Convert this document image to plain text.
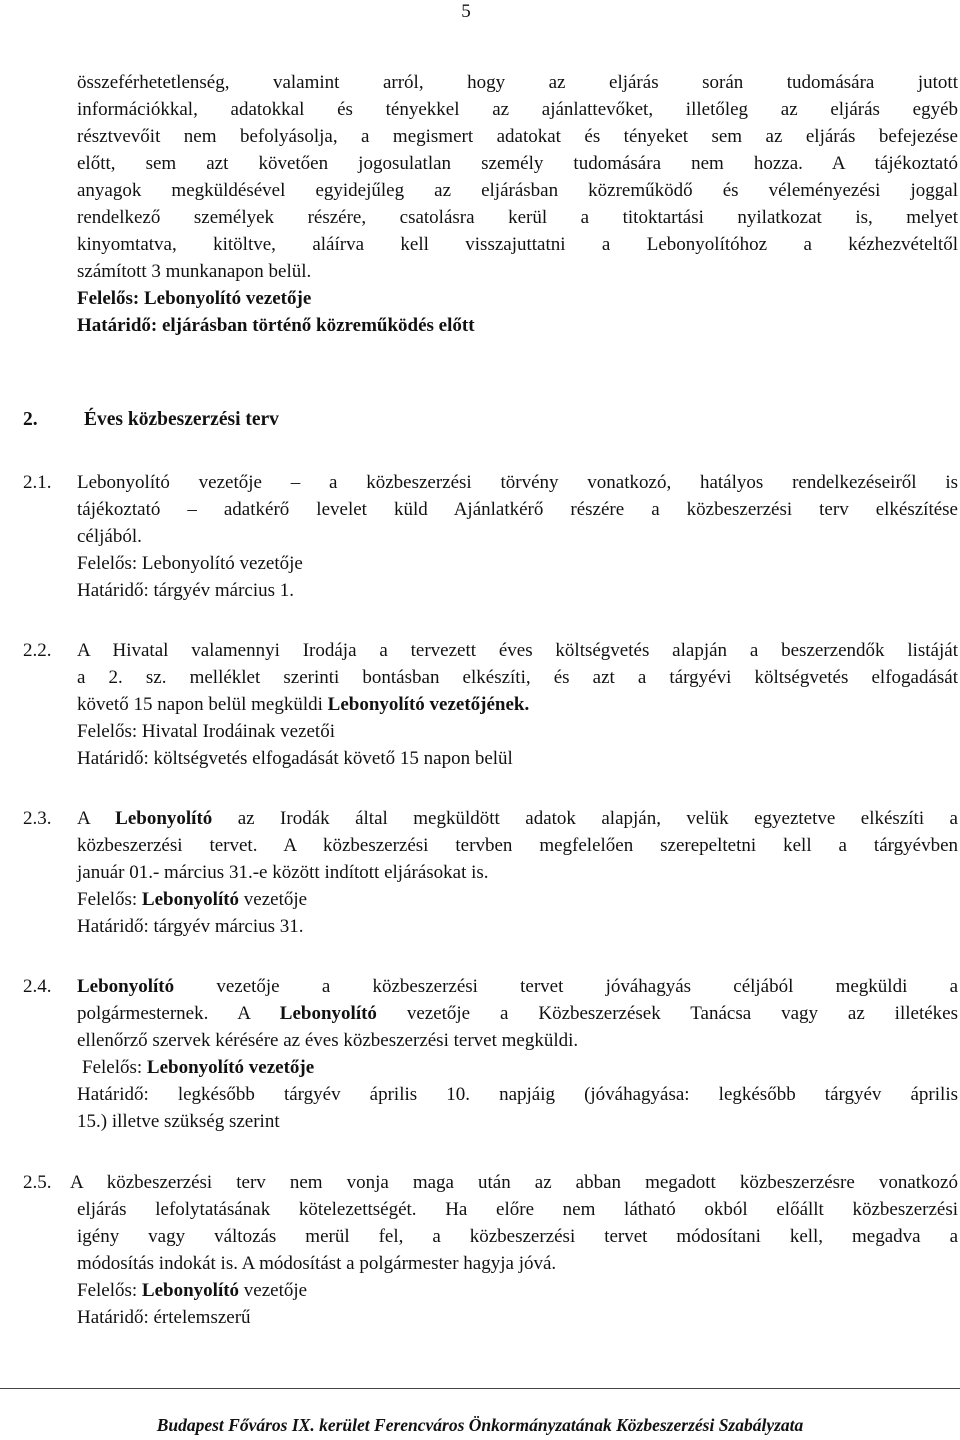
5

összeférhetetlenség, valamint arról, hogy az eljárás során tudomására jutott
információkkal, adatokkal és tényekkel az ajánlattevőket, illetőleg az eljárás egyéb
résztvevőit nem befolyásolja, a megismert adatokat és tényeket sem az eljárás befejezése
előtt, sem azt követően jogosulatlan személy tudomására nem hozza. A tájékoztató
anyagok megküldésével egyidejűleg az eljárásban közreműködő és véleményezési joggal
rendelkező személyek részére, csatolásra kerül a titoktartási nyilatkozat is, melyet
kinyomtatva, kitöltve, aláírva kell visszajuttatni a Lebonyolítóhoz a kézhezvételtől
számított 3 munkanapon belül.

Felelős: Lebonyolító vezetője
Határidő: eljárásban történő közreműködés előtt
2. Éves közbeszerzési terv
2.1. Lebonyolító vezetője – a közbeszerzési törvény vonatkozó, hatályos rendelkezéseiről is
tájékoztató – adatkérő levelet küld Ajánlatkérő részére a közbeszerzési terv elkészítése
céljából.
Felelős: Lebonyolító vezetője
Határidő: tárgyév március 1.
2.2. A Hivatal valamennyi Irodája a tervezett éves költségvetés alapján a beszerzendők listáját
a 2. sz. melléklet szerinti bontásban elkészíti, és azt a tárgyévi költségvetés elfogadását
követő 15 napon belül megküldi Lebonyolító vezetőjének.
Felelős: Hivatal Irodáinak vezetői
Határidő: költségvetés elfogadását követő 15 napon belül
2.3. A Lebonyolító az Irodák által megküldött adatok alapján, velük egyeztetve elkészíti a
közbeszerzési tervet. A közbeszerzési tervben megfelelően szerepeltetni kell a tárgyévben
január 01.- március 31.-e között indított eljárásokat is.
Felelős: Lebonyolító vezetője
Határidő: tárgyév március 31.
2.4. Lebonyolító vezetője a közbeszerzési tervet jóváhagyás céljából megküldi a
polgármesternek. A Lebonyolító vezetője a Közbeszerzések Tanácsa vagy az illetékes
ellenőrző szervek kérésére az éves közbeszerzési tervet megküldi.
Felelős: Lebonyolító vezetője
Határidő: legkésőbb tárgyév április 10. napjáig (jóváhagyása: legkésőbb tárgyév április
15.) illetve szükség szerint
2.5. A közbeszerzési terv nem vonja maga után az abban megadott közbeszerzésre vonatkozó
eljárás lefolytatásának kötelezettségét. Ha előre nem látható okból előállt közbeszerzési
igény vagy változás merül fel, a közbeszerzési tervet módosítani kell, megadva a
módosítás indokát is. A módosítást a polgármester hagyja jóvá.
Felelős: Lebonyolító vezetője
Határidő: értelemszerű
Budapest Főváros IX. kerület Ferencváros Önkormányzatának Közbeszerzési Szabályzata
